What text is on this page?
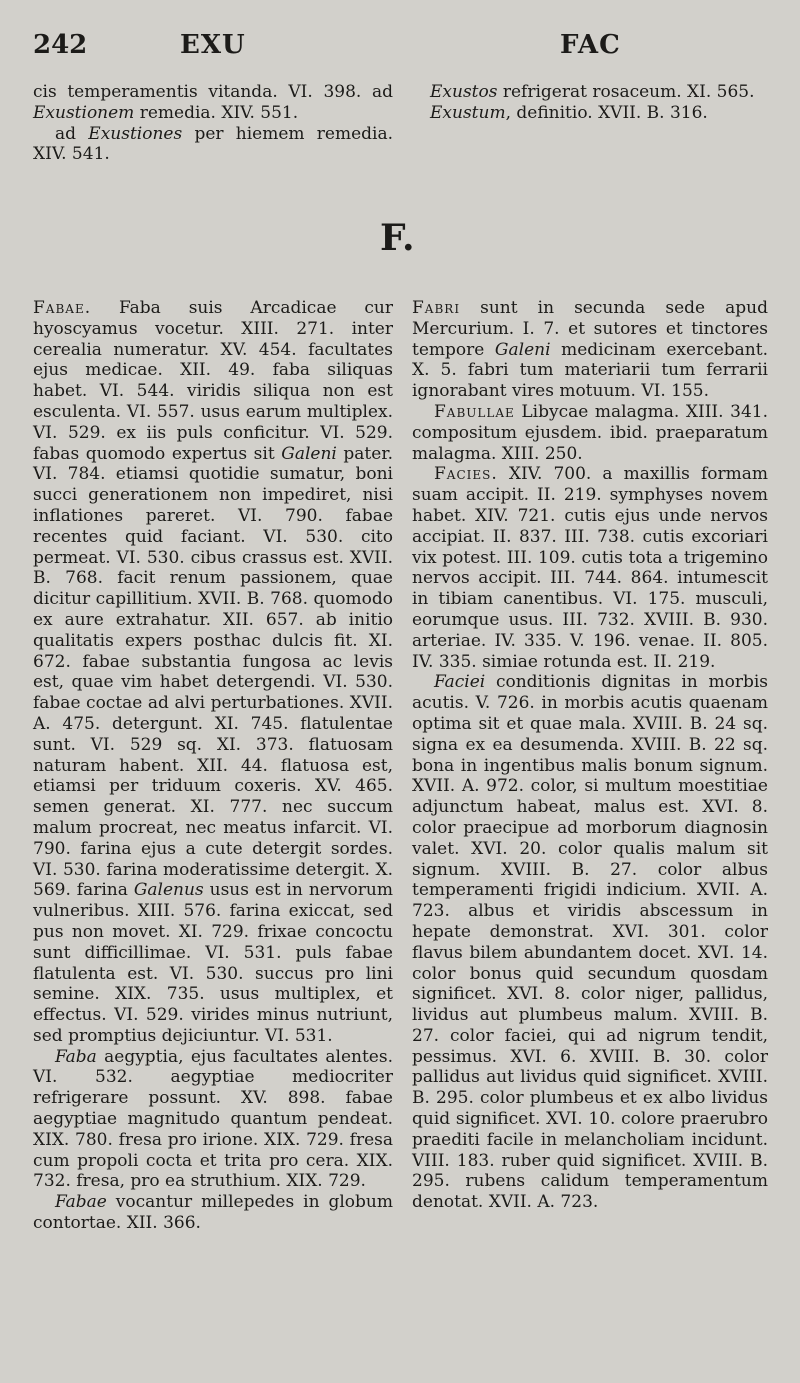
242	EXU	FAC

cis temperamentis vitanda. VI. 398. ad Exustionem remedia. XIV. 551.

ad Exustiones per hiemem remedia. XIV. 541.

Exustos refrigerat rosaceum. XI. 565.

Exustum, definitio. XVII. B. 316.

F.

Fabae. Faba suis Arcadicae cur hyoscyamus vocetur. XIII. 271. inter cerealia numeratur. XV. 454. facultates ejus medicae. XII. 49. faba siliquas habet. VI. 544. viridis siliqua non est esculenta. VI. 557. usus earum multiplex. VI. 529. ex iis puls conficitur. VI. 529. fabas quomodo expertus sit Galeni pater. VI. 784. etiamsi quotidie sumatur, boni succi generationem non impediret, nisi inflationes pareret. VI. 790. fabae recentes quid faciant. VI. 530. cito permeat. VI. 530. cibus crassus est. XVII. B. 768. facit renum passionem, quae dicitur capillitium. XVII. B. 768. quomodo ex aure extrahatur. XII. 657. ab initio qualitatis expers posthac dulcis fit. XI. 672. fabae substantia fungosa ac levis est, quae vim habet detergendi. VI. 530. fabae coctae ad alvi perturbationes. XVII. A. 475. detergunt. XI. 745. flatulentae sunt. VI. 529 sq. XI. 373. flatuosam naturam habent. XII. 44. flatuosa est, etiamsi per triduum coxeris. XV. 465. semen generat. XI. 777. nec succum malum procreat, nec meatus infarcit. VI. 790. farina ejus a cute detergit sordes. VI. 530. farina moderatissime detergit. X. 569. farina Galenus usus est in nervorum vulneribus. XIII. 576. farina exiccat, sed pus non movet. XI. 729. frixae concoctu sunt difficillimae. VI. 531. puls fabae flatulenta est. VI. 530. succus pro lini semine. XIX. 735. usus multiplex, et effectus. VI. 529. virides minus nutriunt, sed promptius dejiciuntur. VI. 531.

Faba aegyptia, ejus facultates alentes. VI. 532. aegyptiae mediocriter refrigerare possunt. XV. 898. fabae aegyptiae magnitudo quantum pendeat. XIX. 780. fresa pro irione. XIX. 729. fresa cum propoli cocta et trita pro cera. XIX. 732. fresa, pro ea struthium. XIX. 729.

Fabae vocantur millepedes in globum contortae. XII. 366.

Fabri sunt in secunda sede apud Mercurium. I. 7. et sutores et tinctores tempore Galeni medicinam exercebant. X. 5. fabri tum materiarii tum ferrarii ignorabant vires motuum. VI. 155.

Fabullae Libycae malagma. XIII. 341. compositum ejusdem. ibid. praeparatum malagma. XIII. 250.

Facies. XIV. 700. a maxillis formam suam accipit. II. 219. symphyses novem habet. XIV. 721. cutis ejus unde nervos accipiat. II. 837. III. 738. cutis excoriari vix potest. III. 109. cutis tota a trigemino nervos accipit. III. 744. 864. intumescit in tibiam canentibus. VI. 175. musculi, eorumque usus. III. 732. XVIII. B. 930. arteriae. IV. 335. V. 196. venae. II. 805. IV. 335. simiae rotunda est. II. 219.

Faciei conditionis dignitas in morbis acutis. V. 726. in morbis acutis quaenam optima sit et quae mala. XVIII. B. 24 sq. signa ex ea desumenda. XVIII. B. 22 sq. bona in ingentibus malis bonum signum. XVII. A. 972. color, si multum moestitiae adjunctum habeat, malus est. XVI. 8. color praecipue ad morborum diagnosin valet. XVI. 20. color qualis malum sit signum. XVIII. B. 27. color albus temperamenti frigidi indicium. XVII. A. 723. albus et viridis abscessum in hepate demonstrat. XVI. 301. color flavus bilem abundantem docet. XVI. 14. color bonus quid secundum quosdam significet. XVI. 8. color niger, pallidus, lividus aut plumbeus malum. XVIII. B. 27. color faciei, qui ad nigrum tendit, pessimus. XVI. 6. XVIII. B. 30. color pallidus aut lividus quid significet. XVIII. B. 295. color plumbeus et ex albo lividus quid significet. XVI. 10. colore praerubro praediti facile in melancholiam incidunt. VIII. 183. ruber quid significet. XVIII. B. 295. rubens calidum temperamentum denotat. XVII. A. 723.
